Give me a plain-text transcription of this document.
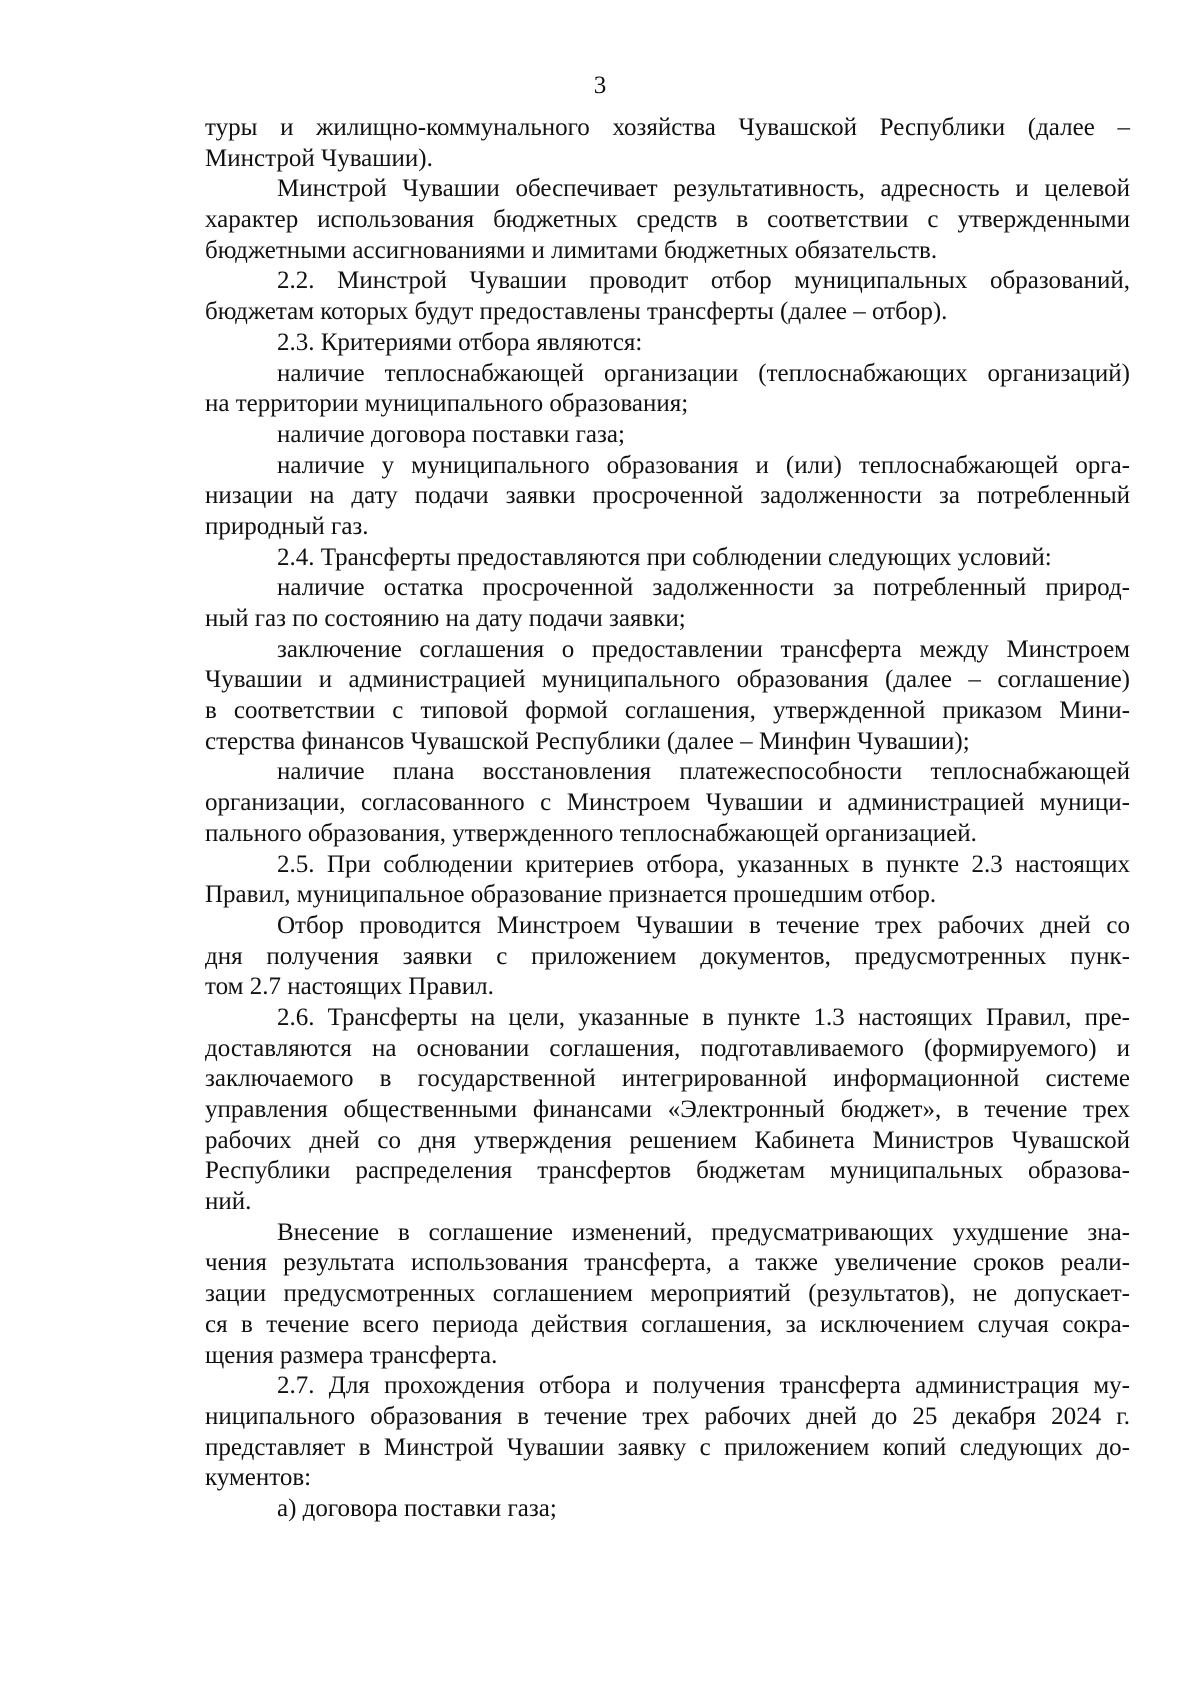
3
туры и жилищно-коммунального хозяйства Чувашской Республики (далее –
Минстрой Чувашии).
Минстрой Чувашии обеспечивает результативность, адресность и целевой
характер использования бюджетных средств в соответствии с утвержденными
бюджетными ассигнованиями и лимитами бюджетных обязательств.
2.2. Минстрой Чувашии проводит отбор муниципальных образований,
бюджетам которых будут предоставлены трансферты (далее – отбор).
2.3. Критериями отбора являются:
наличие теплоснабжающей организации (теплоснабжающих организаций)
на территории муниципального образования;
наличие договора поставки газа;
наличие у муниципального образования и (или) теплоснабжающей орга-
низации на дату подачи заявки просроченной задолженности за потребленный
природный газ.
2.4. Трансферты предоставляются при соблюдении следующих условий:
наличие остатка просроченной задолженности за потребленный природ-
ный газ по состоянию на дату подачи заявки;
заключение соглашения о предоставлении трансферта между Минстроем
Чувашии и администрацией муниципального образования (далее – соглашение)
в соответствии с типовой формой соглашения, утвержденной приказом Мини-
стерства финансов Чувашской Республики (далее – Минфин Чувашии);
наличие плана восстановления платежеспособности теплоснабжающей
организации, согласованного с Минстроем Чувашии и администрацией муници-
пального образования, утвержденного теплоснабжающей организацией.
2.5. При соблюдении критериев отбора, указанных в пункте 2.3 настоящих
Правил, муниципальное образование признается прошедшим отбор.
Отбор проводится Минстроем Чувашии в течение трех рабочих дней со
дня получения заявки с приложением документов, предусмотренных пунк-
том 2.7 настоящих Правил.
2.6. Трансферты на цели, указанные в пункте 1.3 настоящих Правил, пре-
доставляются на основании соглашения, подготавливаемого (формируемого) и
заключаемого в государственной интегрированной информационной системе
управления общественными финансами «Электронный бюджет», в течение трех
рабочих дней со дня утверждения решением Кабинета Министров Чувашской
Республики распределения трансфертов бюджетам муниципальных образова-
ний.
Внесение в соглашение изменений, предусматривающих ухудшение зна-
чения результата использования трансферта, а также увеличение сроков реали-
зации предусмотренных соглашением мероприятий (результатов), не допускает-
ся в течение всего периода действия соглашения, за исключением случая сокра-
щения размера трансферта.
2.7. Для прохождения отбора и получения трансферта администрация му-
ниципального образования в течение трех рабочих дней до 25 декабря 2024 г.
представляет в Минстрой Чувашии заявку с приложением копий следующих до-
кументов:
а) договора поставки газа;
